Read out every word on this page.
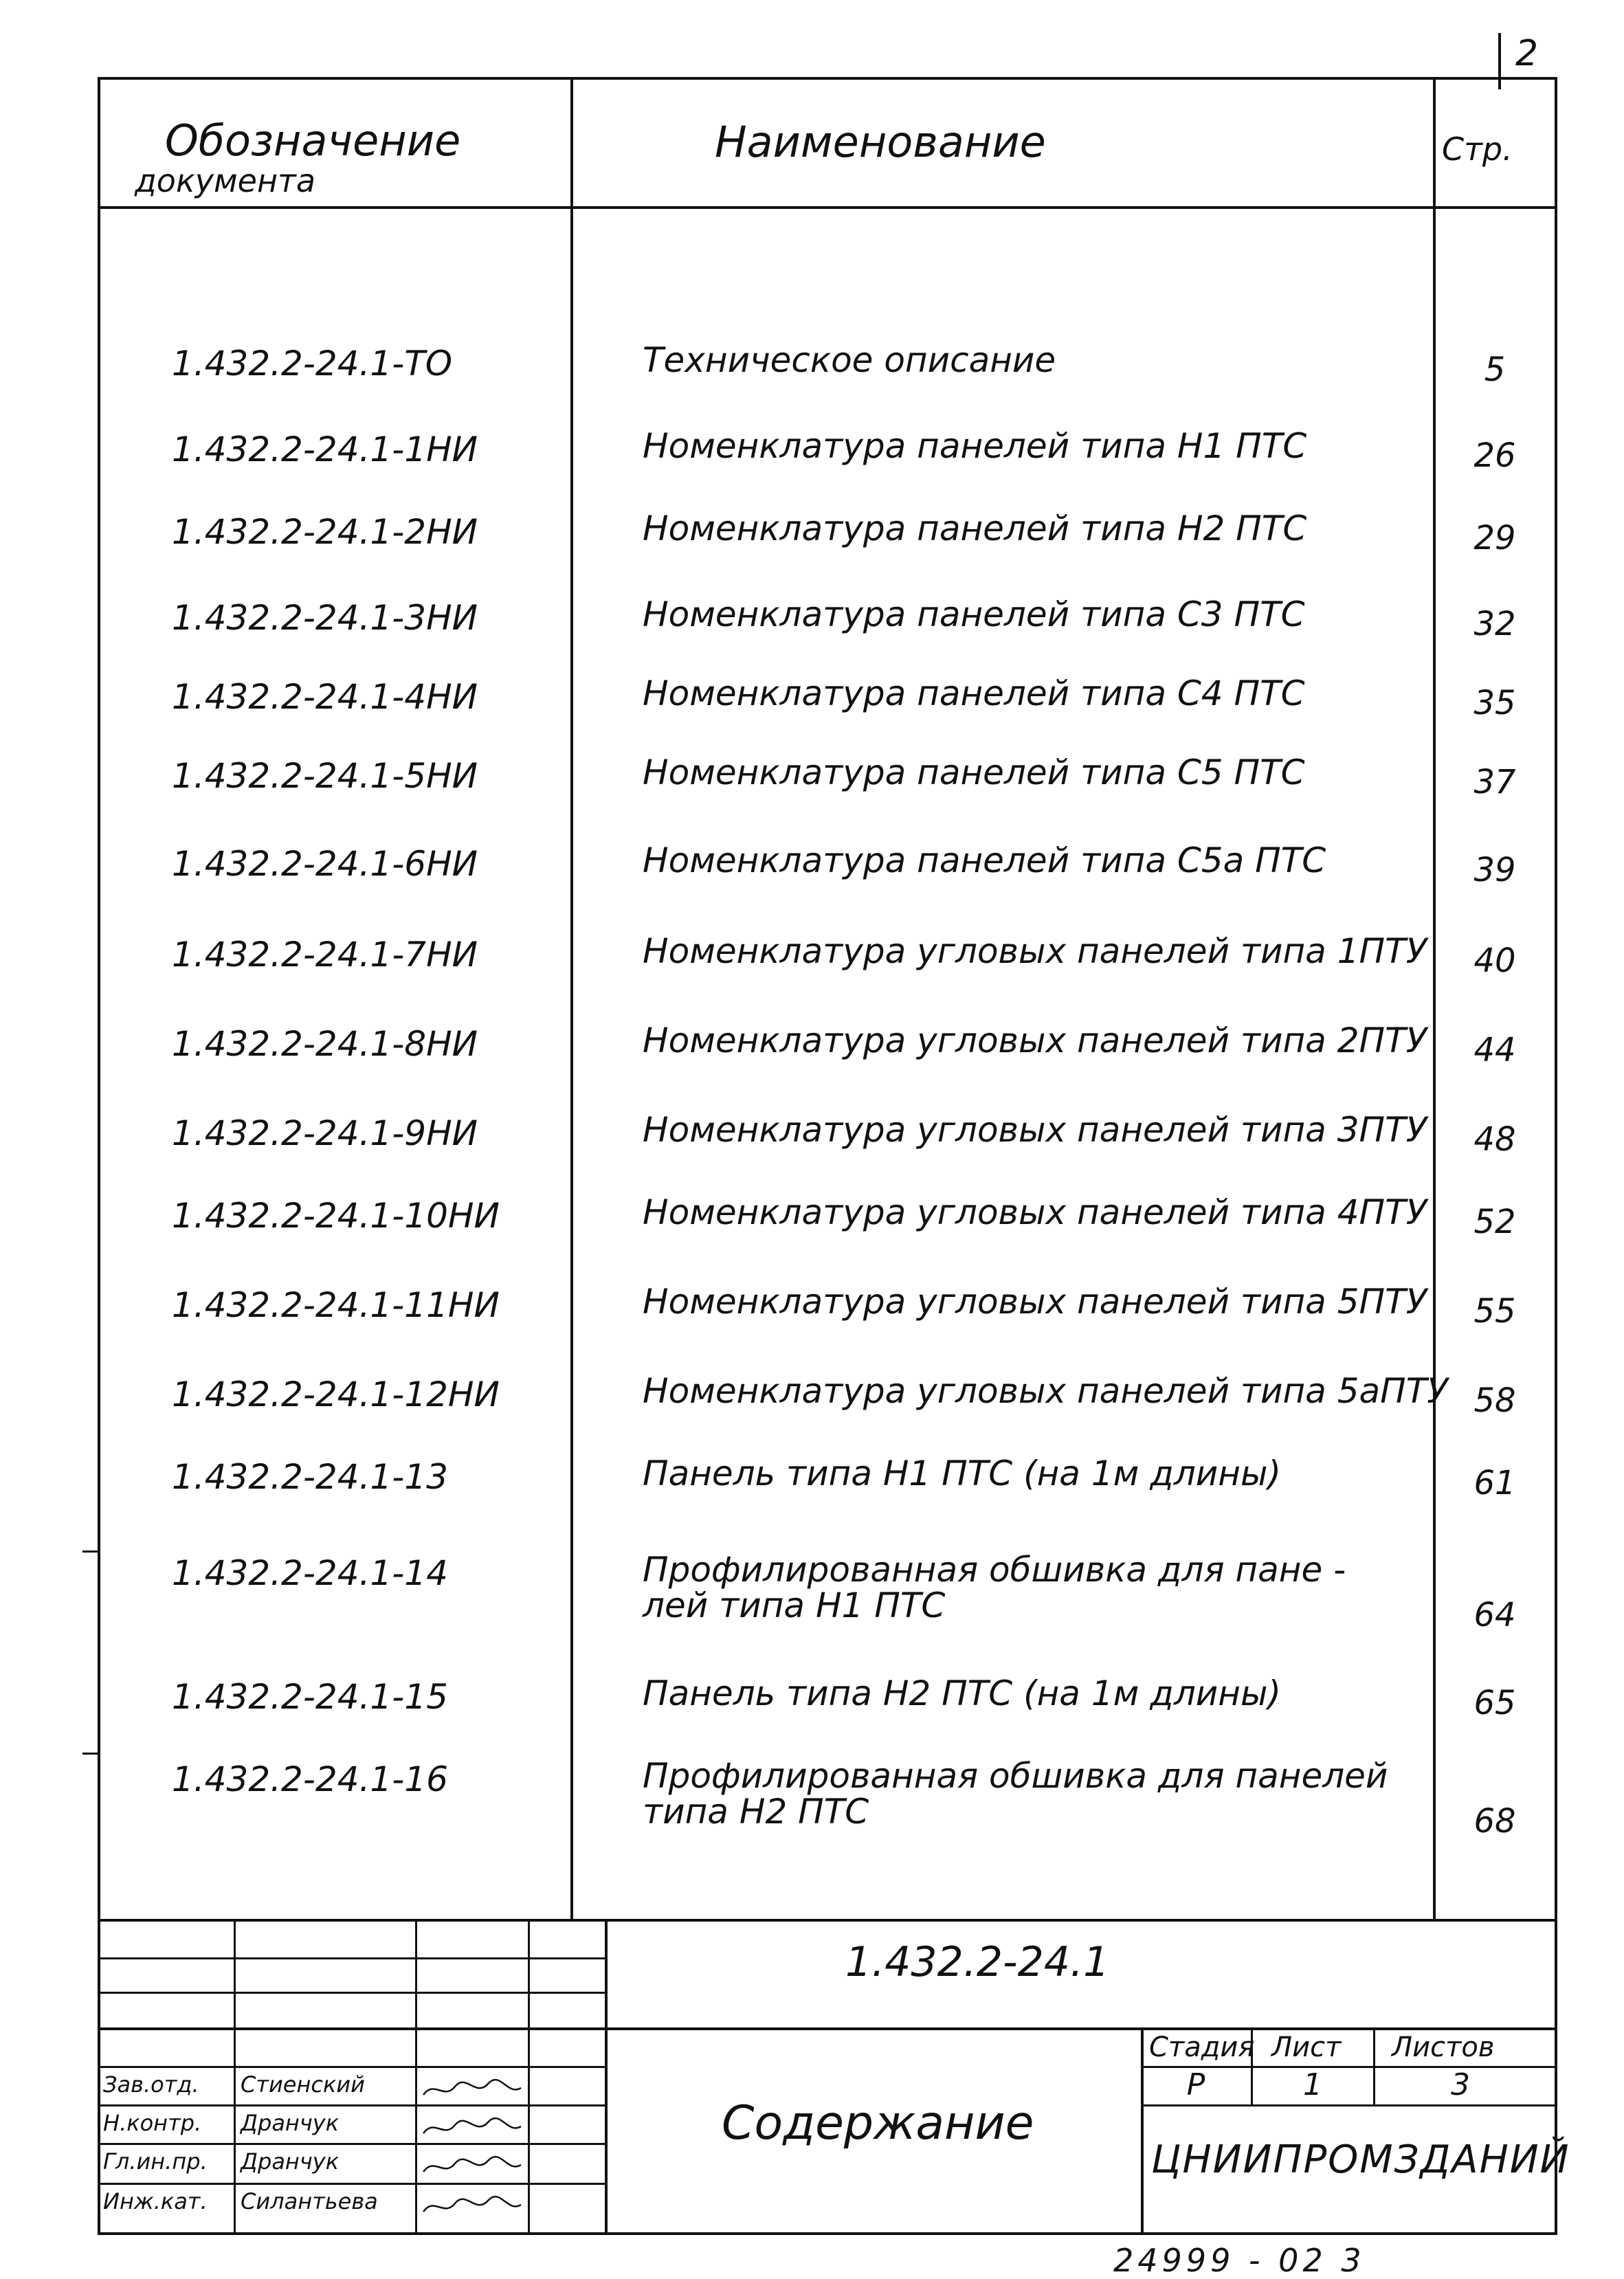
2
Обозначение
документа
Наименование	Стр.
1.432.2-24.1-ТО	Техническое описание	5
1.432.2-24.1-1НИ	Номенклатура панелей типа Н1 ПТС	26
1.432.2-24.1-2НИ	Номенклатура панелей типа Н2 ПТС	29
1.432.2-24.1-3НИ	Номенклатура панелей типа С3 ПТС	32
1.432.2-24.1-4НИ	Номенклатура панелей типа С4 ПТС	35
1.432.2-24.1-5НИ	Номенклатура панелей типа С5 ПТС	37
1.432.2-24.1-6НИ	Номенклатура панелей типа С5а ПТС	39
1.432.2-24.1-7НИ	Номенклатура угловых панелей типа 1ПТУ	40
1.432.2-24.1-8НИ	Номенклатура угловых панелей типа 2ПТУ	44
1.432.2-24.1-9НИ	Номенклатура угловых панелей типа 3ПТУ	48
1.432.2-24.1-10НИ	Номенклатура угловых панелей типа 4ПТУ	52
1.432.2-24.1-11НИ	Номенклатура угловых панелей типа 5ПТУ	55
1.432.2-24.1-12НИ	Номенклатура угловых панелей типа 5аПТУ 58
1.432.2-24.1-13	Панель типа Н1 ПТС (на 1м длины)	61
1.432.2-24.1-14	Профилированная обшивка для пане -
лей типа Н1 ПТС	64
1.432.2-24.1-15	Панель типа Н2 ПТС (на 1м длины)	65
1.432.2-24.1-16	Профилированная обшивка для панелей
типа Н2 ПТС	68
Зав.отд. Стиенский
Н.контр. Дранчук
Гл.ин.пр. Дранчук
Инж.кат. Силантьева
1.432.2-24.1
Содержание
Стадия Лист Листов
Р	1	3
ЦНИИПРОМЗДАНИЙ
24999 - 02 3
